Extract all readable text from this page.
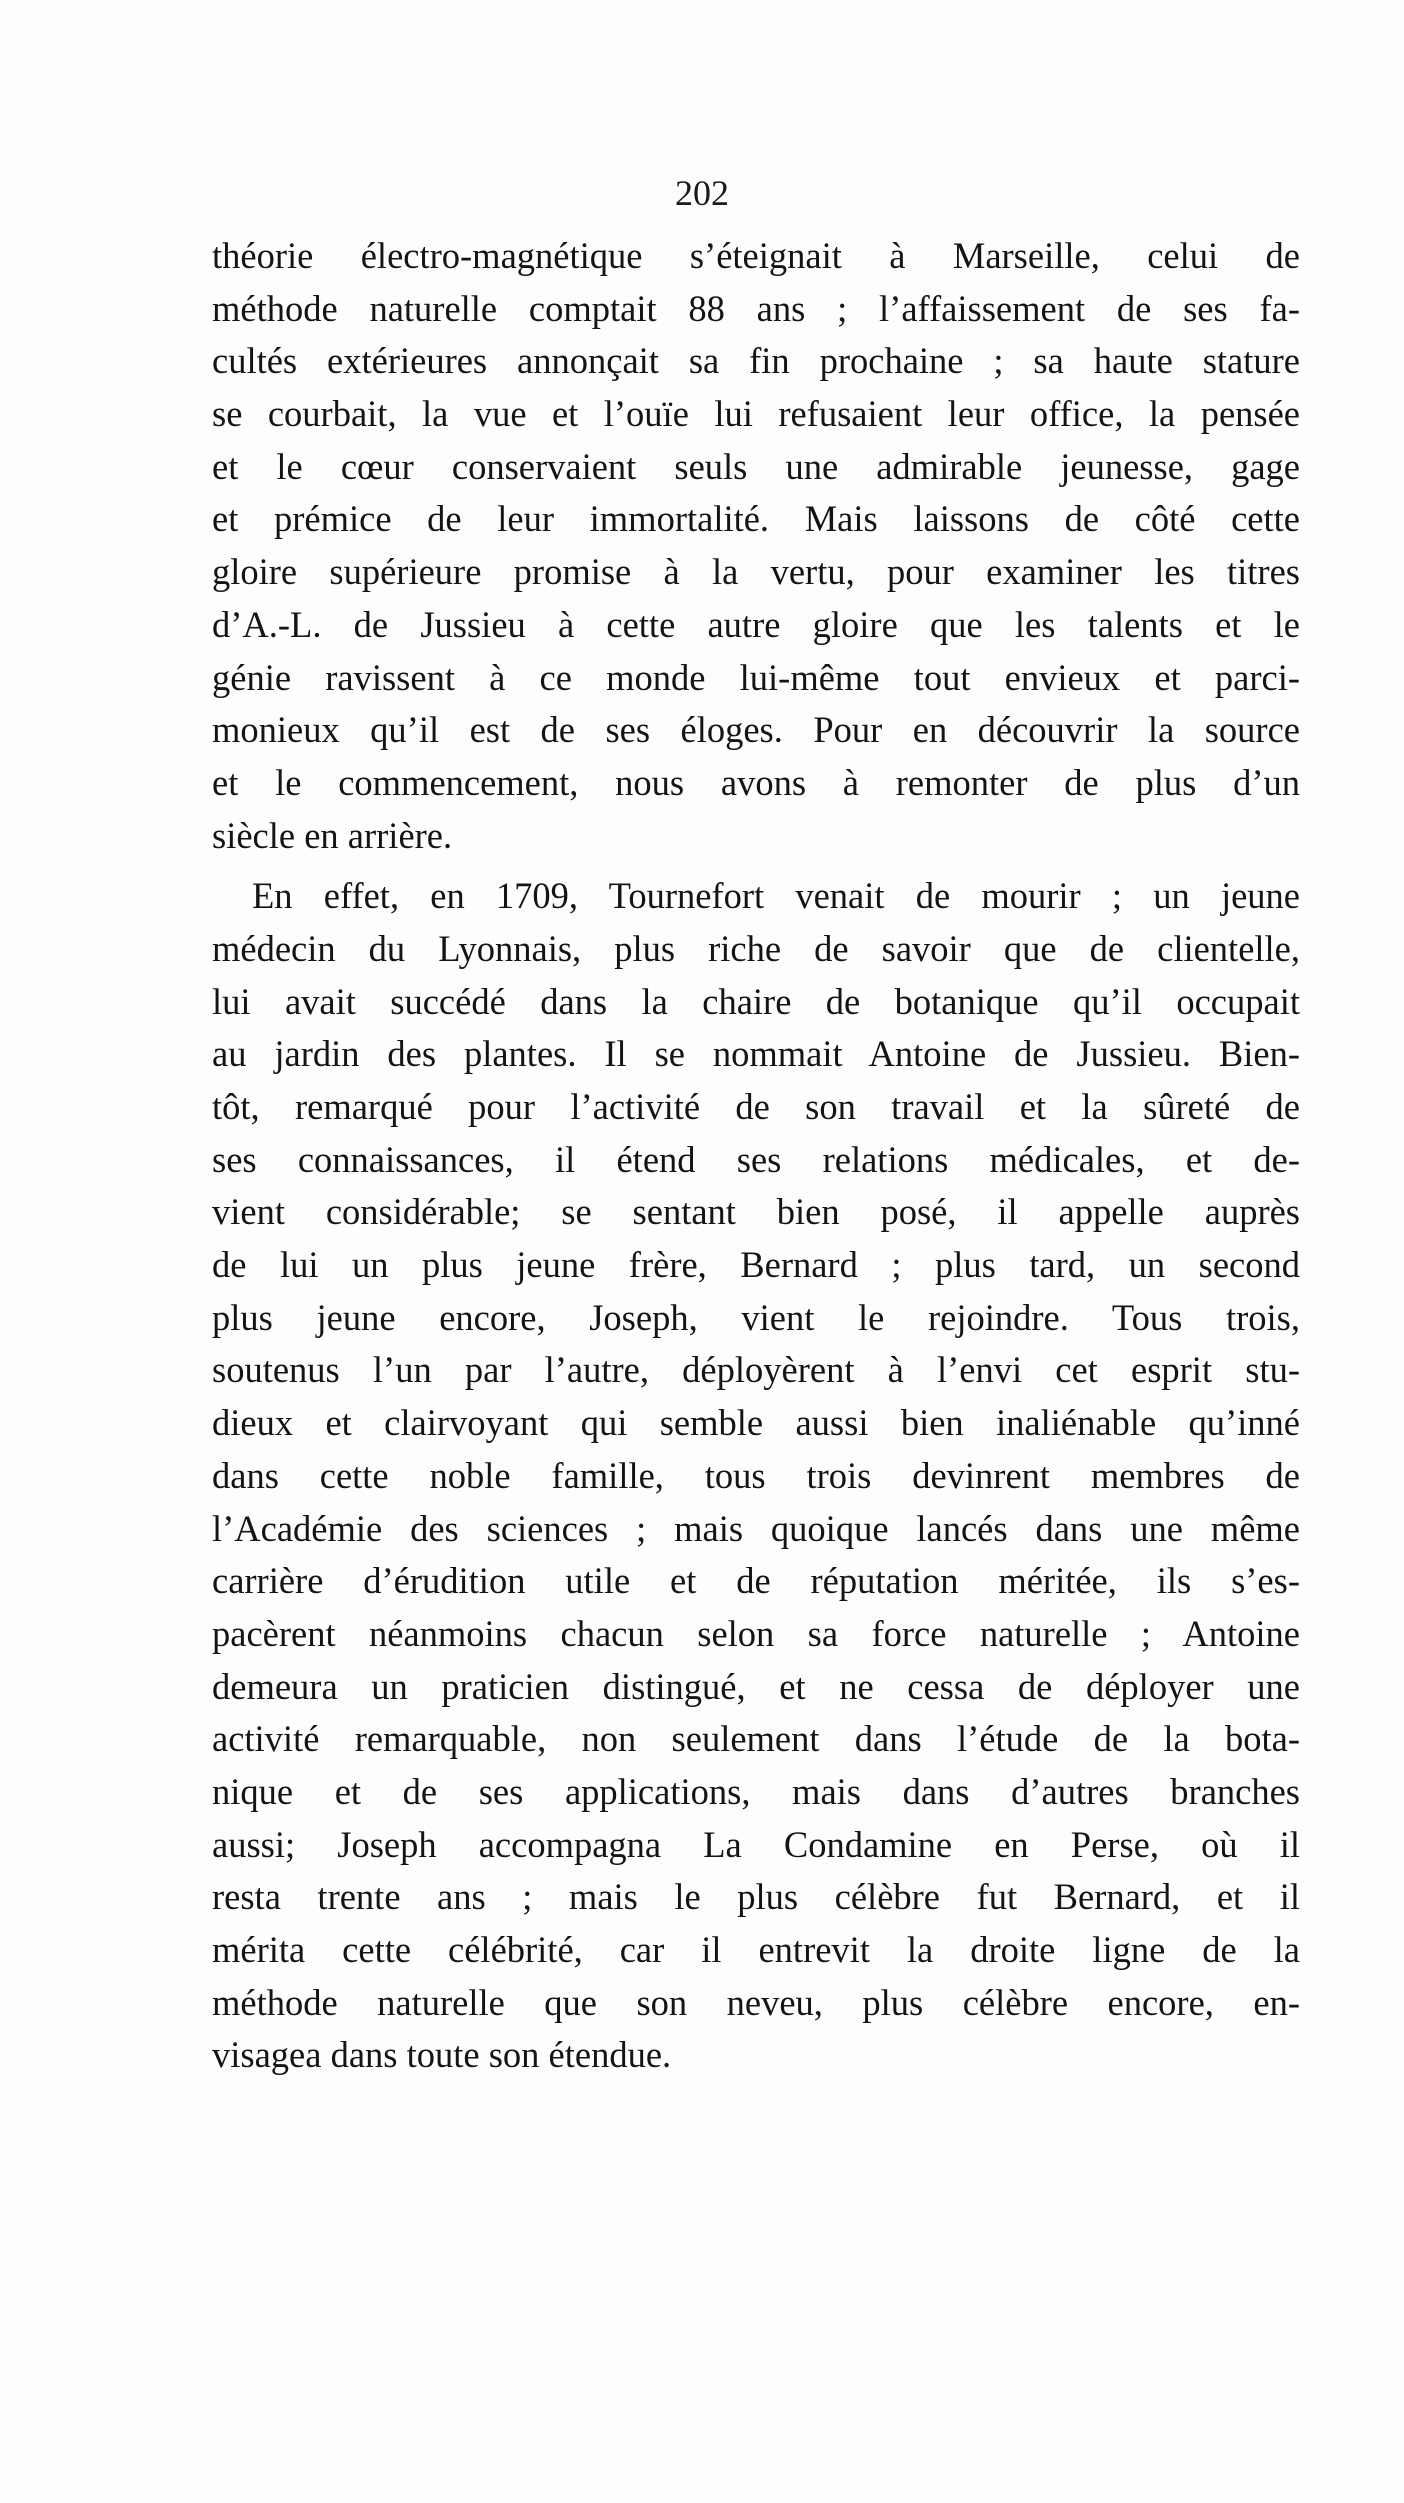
202
théorie électro-magnétique s’éteignait à Marseille, celui de
méthode naturelle comptait 88 ans ; l’affaissement de ses fa-
cultés extérieures annonçait sa fin prochaine ; sa haute stature
se courbait, la vue et l’ouïe lui refusaient leur office, la pensée
et le cœur conservaient seuls une admirable jeunesse, gage
et prémice de leur immortalité. Mais laissons de côté cette
gloire supérieure promise à la vertu, pour examiner les titres
d’A.-L. de Jussieu à cette autre gloire que les talents et le
génie ravissent à ce monde lui-même tout envieux et parci-
monieux qu’il est de ses éloges. Pour en découvrir la source
et le commencement, nous avons à remonter de plus d’un
siècle en arrière.
En effet, en 1709, Tournefort venait de mourir ; un jeune
médecin du Lyonnais, plus riche de savoir que de clientelle,
lui avait succédé dans la chaire de botanique qu’il occupait
au jardin des plantes. Il se nommait Antoine de Jussieu. Bien-
tôt, remarqué pour l’activité de son travail et la sûreté de
ses connaissances, il étend ses relations médicales, et de-
vient considérable; se sentant bien posé, il appelle auprès
de lui un plus jeune frère, Bernard ; plus tard, un second
plus jeune encore, Joseph, vient le rejoindre. Tous trois,
soutenus l’un par l’autre, déployèrent à l’envi cet esprit stu-
dieux et clairvoyant qui semble aussi bien inaliénable qu’inné
dans cette noble famille, tous trois devinrent membres de
l’Académie des sciences ; mais quoique lancés dans une même
carrière d’érudition utile et de réputation méritée, ils s’es-
pacèrent néanmoins chacun selon sa force naturelle ; Antoine
demeura un praticien distingué, et ne cessa de déployer une
activité remarquable, non seulement dans l’étude de la bota-
nique et de ses applications, mais dans d’autres branches
aussi; Joseph accompagna La Condamine en Perse, où il
resta trente ans ; mais le plus célèbre fut Bernard, et il
mérita cette célébrité, car il entrevit la droite ligne de la
méthode naturelle que son neveu, plus célèbre encore, en-
visagea dans toute son étendue.
